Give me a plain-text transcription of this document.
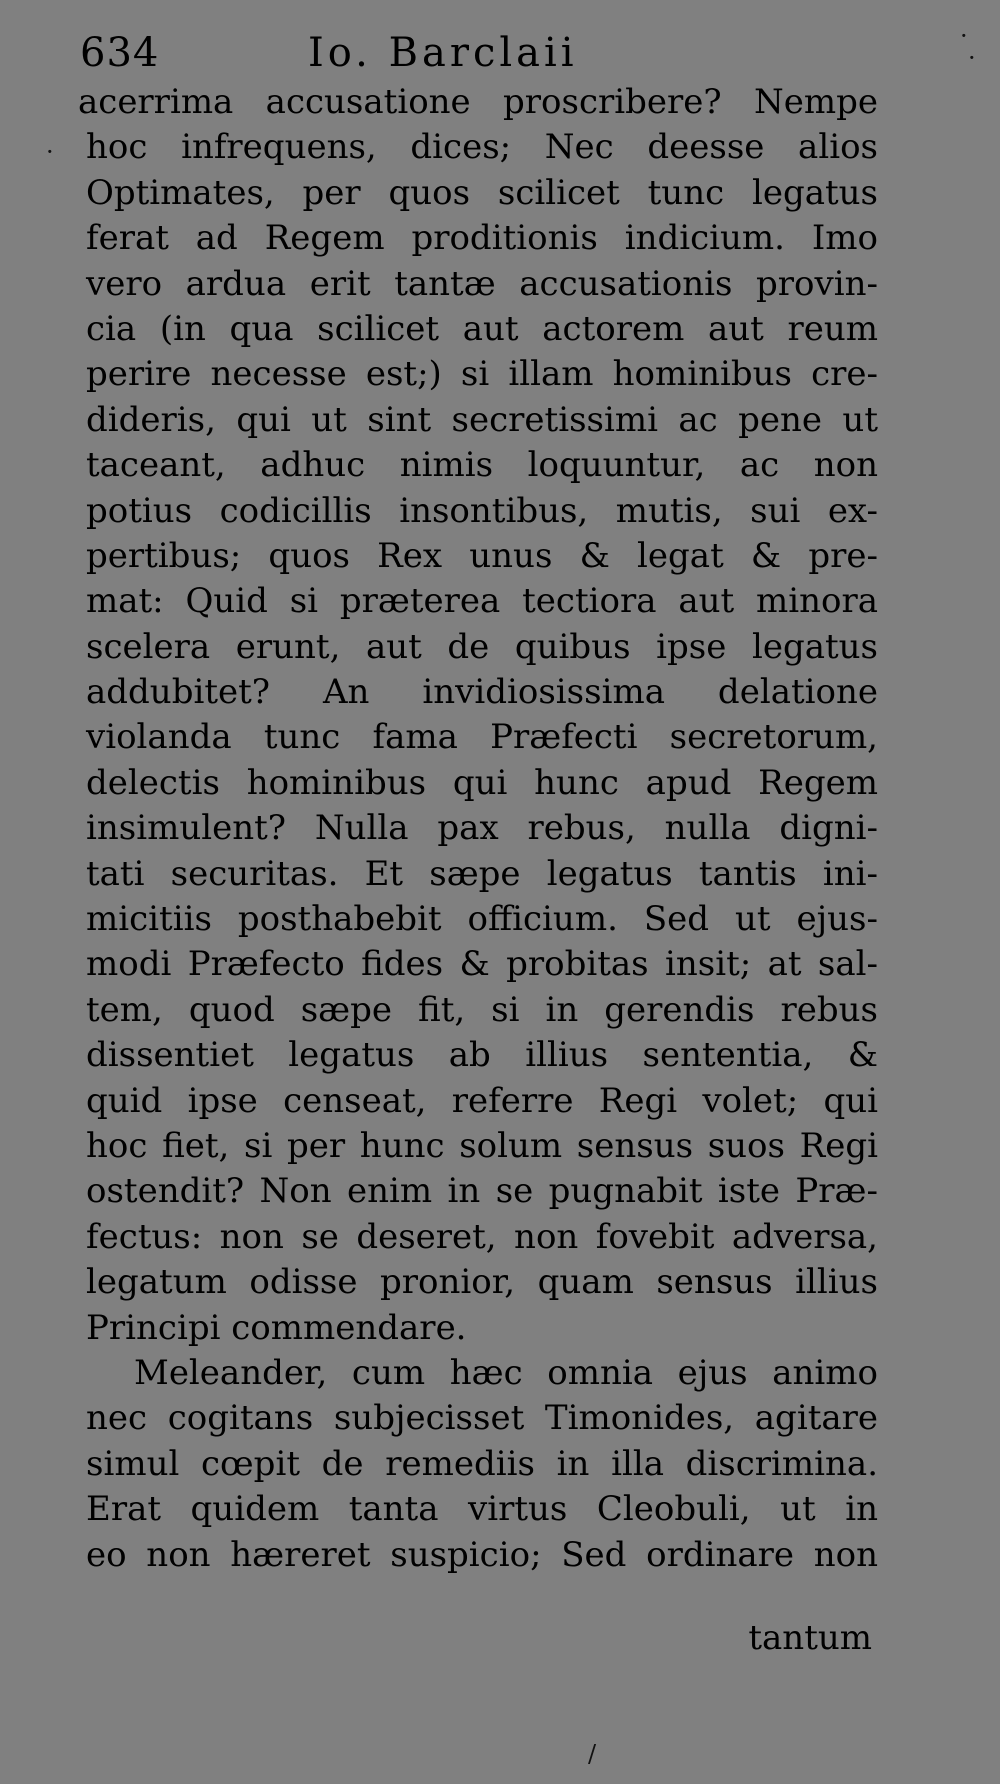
634	Io. Barclaii
acerrima accusatione proscribere? Nempe
hoc infrequens, dices; Nec deesse alios
Optimates, per quos scilicet tunc legatus
ferat ad Regem proditionis indicium. Imo
vero ardua erit tantæ accusationis provin-
cia (in qua scilicet aut actorem aut reum
perire necesse est;) si illam hominibus cre-
dideris, qui ut sint secretissimi ac pene ut
taceant, adhuc nimis loquuntur, ac non
potius codicillis insontibus, mutis, sui ex-
pertibus; quos Rex unus & legat & pre-
mat: Quid si præterea tectiora aut minora
scelera erunt, aut de quibus ipse legatus
addubitet? An invidiosissima delatione
violanda tunc fama Præfecti secretorum,
delectis hominibus qui hunc apud Regem
insimulent? Nulla pax rebus, nulla digni-
tati securitas. Et sæpe legatus tantis ini-
micitiis posthabebit officium. Sed ut ejus-
modi Præfecto fides & probitas insit; at sal-
tem, quod sæpe fit, si in gerendis rebus
dissentiet legatus ab illius sententia, &
quid ipse censeat, referre Regi volet; qui
hoc fiet, si per hunc solum sensus suos Regi
ostendit? Non enim in se pugnabit iste Præ-
fectus: non se deseret, non fovebit adversa,
legatum odisse pronior, quam sensus illius
Principi commendare.
Meleander, cum hæc omnia ejus animo
nec cogitans subjecisset Timonides, agitare
simul cœpit de remediis in illa discrimina.
Erat quidem tanta virtus Cleobuli, ut in
eo non hæreret suspicio; Sed ordinare non
tantum
·
·
·
/
